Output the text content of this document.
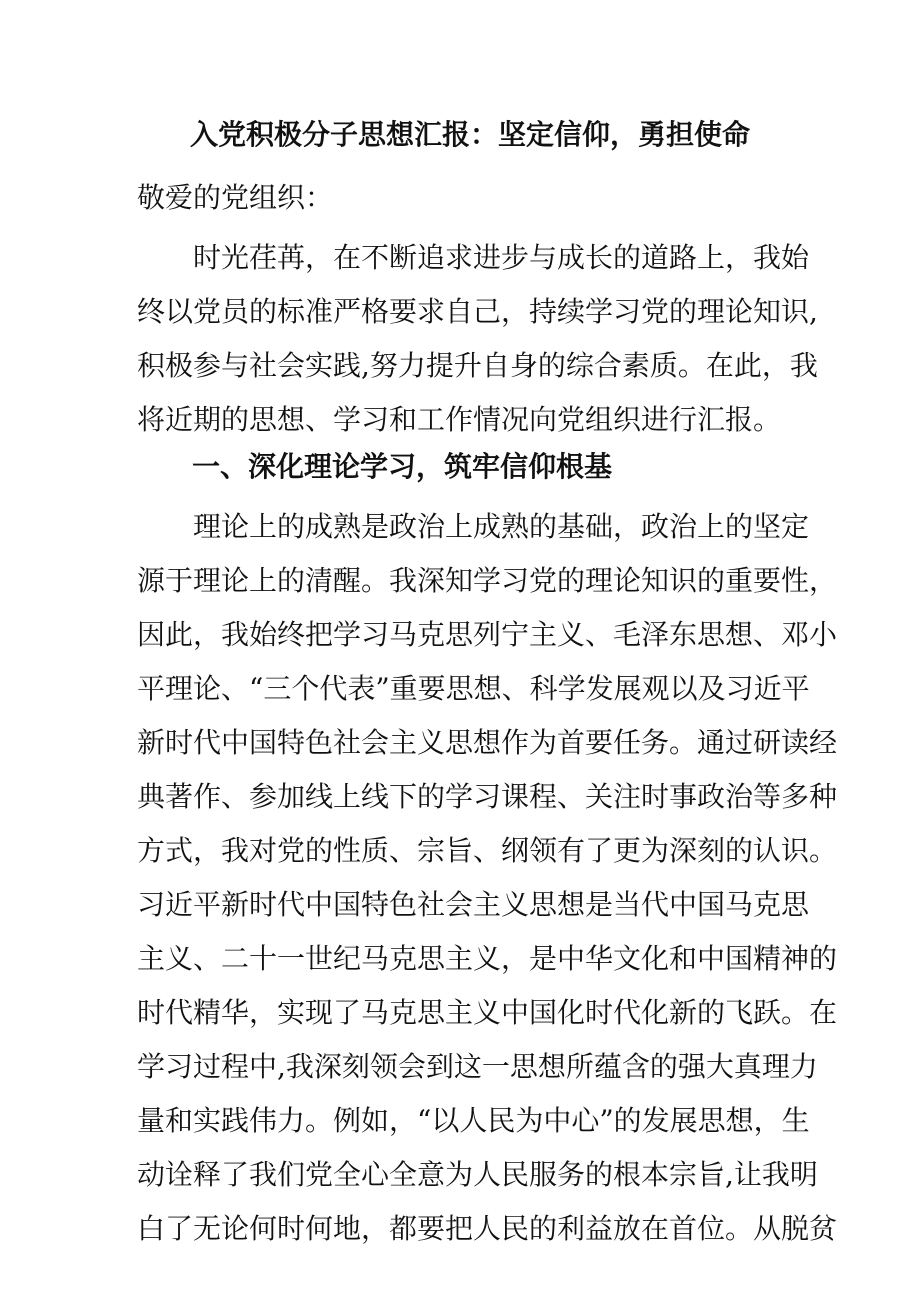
入党积极分子思想汇报：坚定信仰，勇担使命
敬爱的党组织：
　　时光荏苒，在不断追求进步与成长的道路上，我始
终以党员的标准严格要求自己，持续学习党的理论知识,
积极参与社会实践,努力提升自身的综合素质。在此，我
将近期的思想、学习和工作情况向党组织进行汇报。
一、深化理论学习，筑牢信仰根基
　　理论上的成熟是政治上成熟的基础，政治上的坚定
源于理论上的清醒。我深知学习党的理论知识的重要性，
因此，我始终把学习马克思列宁主义、毛泽东思想、邓小
平理论、“三个代表”重要思想、科学发展观以及习近平
新时代中国特色社会主义思想作为首要任务。通过研读经
典著作、参加线上线下的学习课程、关注时事政治等多种
方式，我对党的性质、宗旨、纲领有了更为深刻的认识。
习近平新时代中国特色社会主义思想是当代中国马克思
主义、二十一世纪马克思主义，是中华文化和中国精神的
时代精华，实现了马克思主义中国化时代化新的飞跃。在
学习过程中,我深刻领会到这一思想所蕴含的强大真理力
量和实践伟力。例如，“以人民为中心”的发展思想，生
动诠释了我们党全心全意为人民服务的根本宗旨,让我明
白了无论何时何地，都要把人民的利益放在首位。从脱贫
